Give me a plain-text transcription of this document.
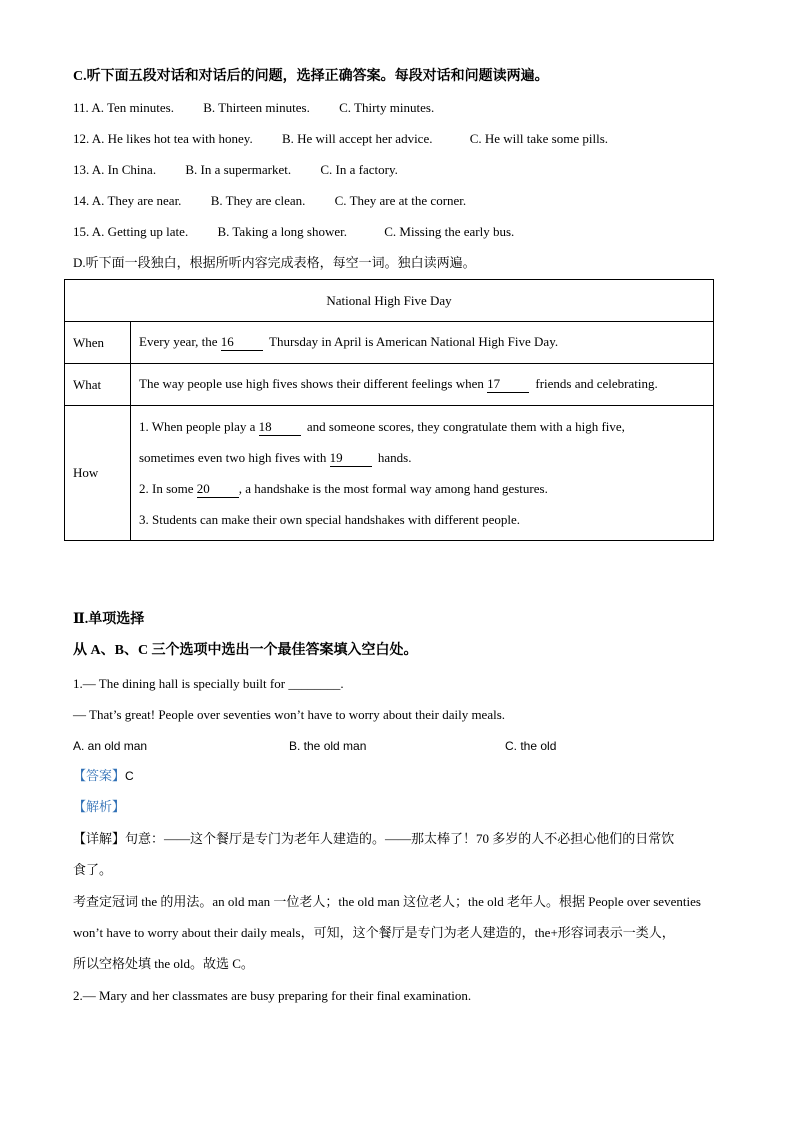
C.听下面五段对话和对话后的问题，选择正确答案。每段对话和问题读两遍。
11. A. Ten minutes. B. Thirteen minutes. C. Thirty minutes.
12. A. He likes hot tea with honey. B. He will accept her advice.	C. He will take some pills.
13. A. In China. B. In a supermarket. C. In a factory.
14. A. They are near. B. They are clean. C. They are at the corner.
15. A. Getting up late. B. Taking a long shower.	C. Missing the early bus.
D.听下面一段独白，根据所听内容完成表格，每空一词。独白读两遍。
National High Five Day	
When	Every year, the 16 Thursday in April is American National High Five Day.
What	The way people use high fives shows their different feelings when 17 friends and celebrating.
How	1. When people play a 18 and someone scores, they congratulate them with a high five,
sometimes even two high fives with 19 hands.
2. In some 20 , a handshake is the most formal way among hand gestures.
3. Students can make their own special handshakes with different people.
Ⅱ.单项选择
从 A、B、C 三个选项中选出一个最佳答案填入空白处。
1.— The dining hall is specially built for ________.
— That’s great! People over seventies won’t have to worry about their daily meals.
A. an old man	B. the old man	C. the old
【答案】C
【解析】
【详解】句意：——这个餐厅是专门为老年人建造的。——那太棒了！70 多岁的人不必担心他们的日常饮
食了。
考查定冠词 the 的用法。an old man 一位老人；the old man 这位老人；the old 老年人。根据 People over seventies
won’t have to worry about their daily meals，可知，这个餐厅是专门为老人建造的，the+形容词表示一类人，
所以空格处填 the old。故选 C。
2.— Mary and her classmates are busy preparing for their final examination.
